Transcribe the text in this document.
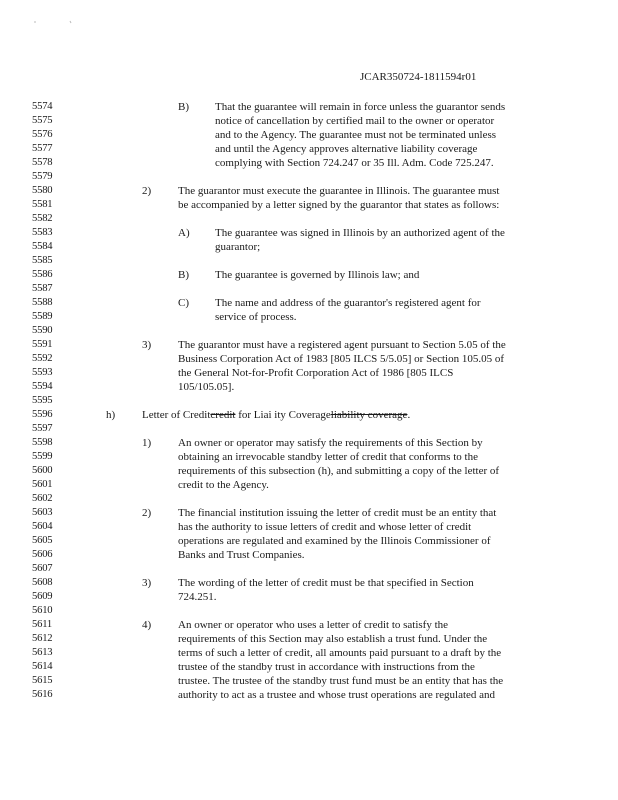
JCAR350724-1811594r01
5574
5575
5576
5577
5578
5579
5580
5581
5582
5583
5584
5585
5586
5587
5588
5589
5590
5591
5592
5593
5594
5595
5596
5597
5598
5599
5600
5601
5602
5603
5604
5605
5606
5607
5608
5609
5610
5611
5612
5613
5614
5615
5616
B) That the guarantee will remain in force unless the guarantor sends
notice of cancellation by certified mail to the owner or operator
and to the Agency. The guarantee must not be terminated unless
and until the Agency approves alternative liability coverage
complying with Section 724.247 or 35 Ill. Adm. Code 725.247.
2) The guarantor must execute the guarantee in Illinois. The guarantee must
be accompanied by a letter signed by the guarantor that states as follows:
A) The guarantee was signed in Illinois by an authorized agent of the
guarantor;
B) The guarantee is governed by Illinois law; and
C) The name and address of the guarantor's registered agent for
service of process.
3) The guarantor must have a registered agent pursuant to Section 5.05 of the
Business Corporation Act of 1983 [805 ILCS 5/5.05] or Section 105.05 of
the General Not-for-Profit Corporation Act of 1986 [805 ILCS
105/105.05].
h) Letter of Creditcredit for Liai ity Coverageliability coverage.
1) An owner or operator may satisfy the requirements of this Section by
obtaining an irrevocable standby letter of credit that conforms to the
requirements of this subsection (h), and submitting a copy of the letter of
credit to the Agency.
2) The financial institution issuing the letter of credit must be an entity that
has the authority to issue letters of credit and whose letter of credit
operations are regulated and examined by the Illinois Commissioner of
Banks and Trust Companies.
3) The wording of the letter of credit must be that specified in Section
724.251.
4) An owner or operator who uses a letter of credit to satisfy the
requirements of this Section may also establish a trust fund. Under the
terms of such a letter of credit, all amounts paid pursuant to a draft by the
trustee of the standby trust in accordance with instructions from the
trustee. The trustee of the standby trust fund must be an entity that has the
authority to act as a trustee and whose trust operations are regulated and
